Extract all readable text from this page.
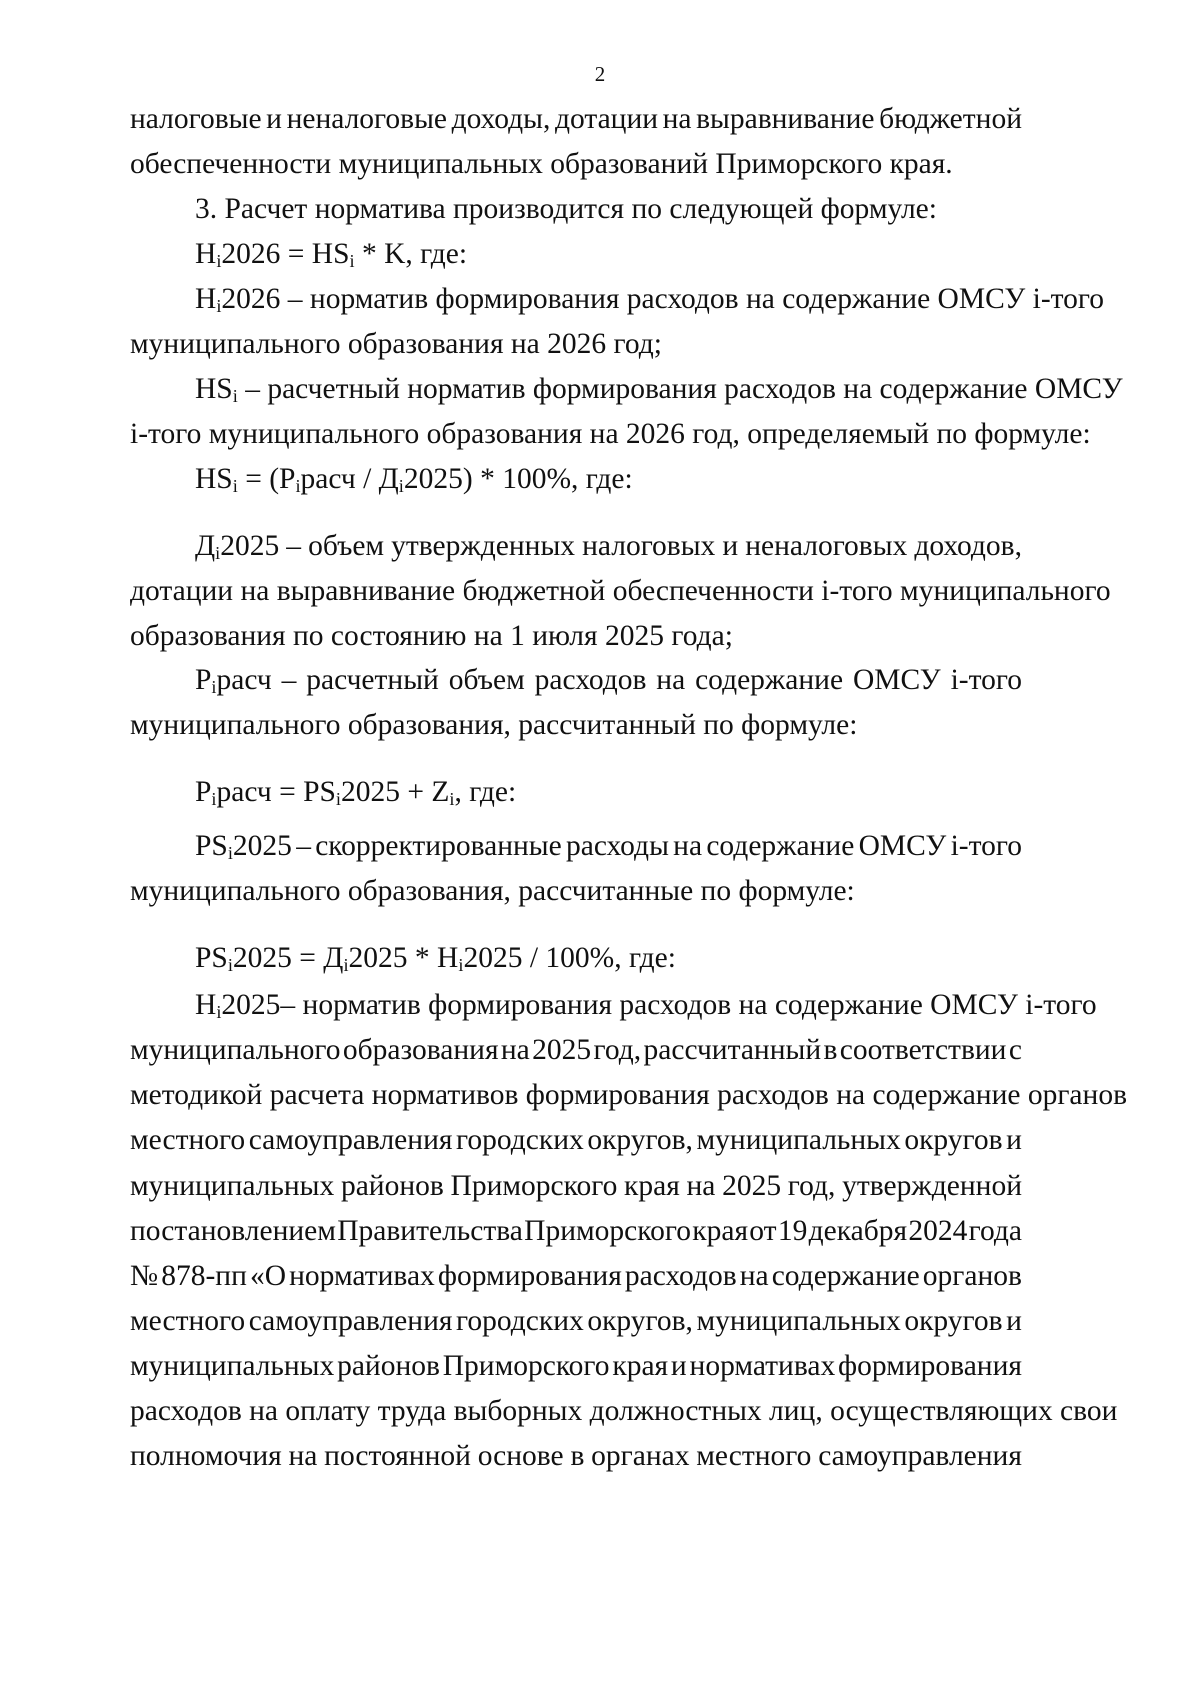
2
налоговые и неналоговые доходы, дотации на выравнивание бюджетной
обеспеченности муниципальных образований Приморского края.
3. Расчет норматива производится по следующей формуле:
$H_i2026 = HS_i * K$, где:
$H_i2026$ – норматив формирования расходов на содержание ОМСУ i-того
муниципального образования на 2026 год;
$HS_i$ – расчетный норматив формирования расходов на содержание ОМСУ
i-того муниципального образования на 2026 год, определяемый по формуле:
$HS_i$ = $(P_iрасч / Д_i2025) * 100\%$, где:
$Д_i2025$ – объем утвержденных налоговых и неналоговых доходов,
дотации на выравнивание бюджетной обеспеченности i-того муниципального
образования по состоянию на 1 июля 2025 года;
$P_iрасч$ – расчетный объем расходов на содержание ОМСУ i-того
муниципального образования, рассчитанный по формуле:
$P_iрасч = PS_i2025 + Z_i$, где:
$PS_i2025$ – скорректированные расходы на содержание ОМСУ i-того
муниципального образования, рассчитанные по формуле:
$PS_i2025 = Д_i2025 * H_i2025 / 100\%$, где:
$H_i2025-$ норматив формирования расходов на содержание ОМСУ i-того
муниципального образования на 2025 год, рассчитанный в соответствии с
методикой расчета нормативов формирования расходов на содержание органов
местного самоуправления городских округов, муниципальных округов и
муниципальных районов Приморского края на 2025 год, утвержденной
постановлением Правительства Приморского края от 19 декабря 2024 года
№ 878-пп «О нормативах формирования расходов на содержание органов
местного самоуправления городских округов, муниципальных округов и
муниципальных районов Приморского края и нормативах формирования
расходов на оплату труда выборных должностных лиц, осуществляющих свои
полномочия на постоянной основе в органах местного самоуправления
